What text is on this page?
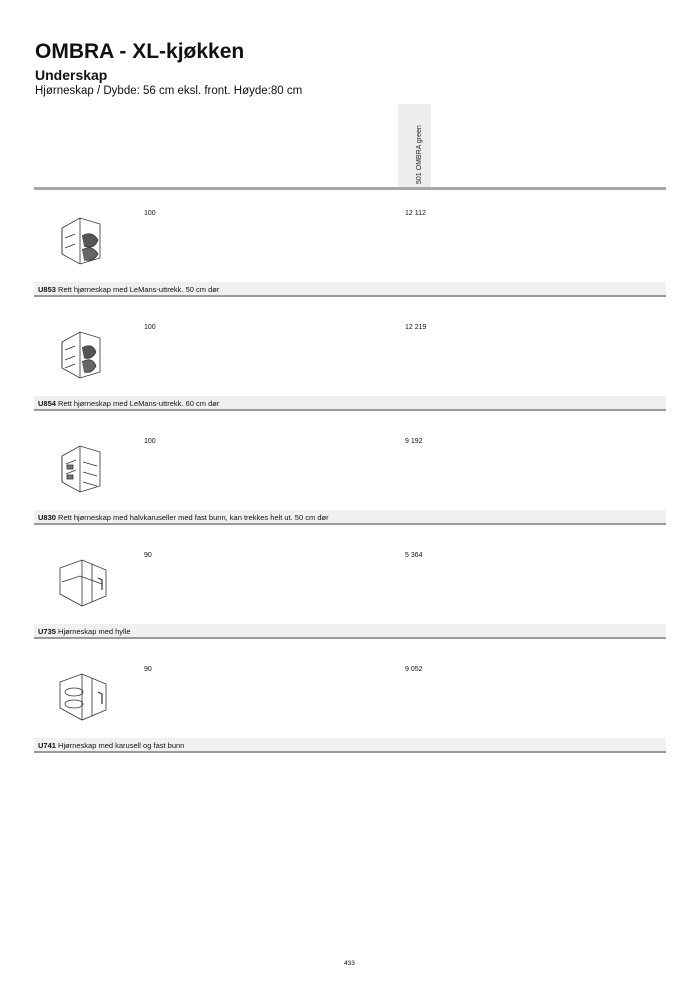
OMBRA - XL-kjøkken
Underskap

Hjørneskap / Dybde: 56 cm eksl. front. Høyde:80 cm

501 OMBRA green
100	12 112
U853 Rett hjørneskap med LeMans-uttrekk. 50 cm dør
100	12 219
U854 Rett hjørneskap med LeMans-uttrekk. 60 cm dør
100	9 192
U830 Rett hjørneskap med halvkaruseller med fast bunn, kan trekkes helt ut. 50 cm dør
90	5 364
U735 Hjørneskap med hylle
90	9 052
U741 Hjørneskap med karusell og fast bunn
433
